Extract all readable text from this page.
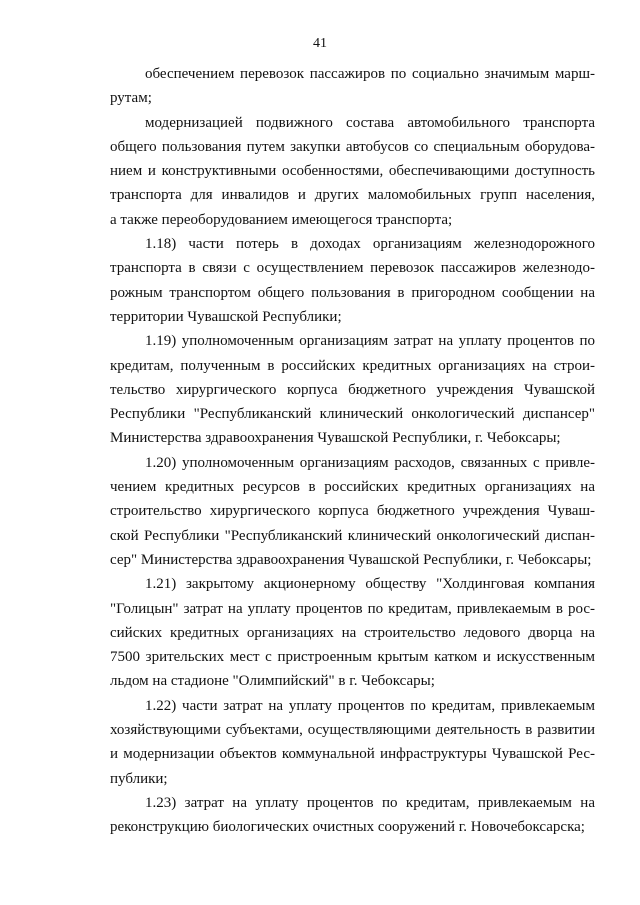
41
обеспечением перевозок пассажиров по социально значимым марш-
рутам;
модернизацией подвижного состава автомобильного транспорта
общего пользования путем закупки автобусов со специальным оборудова-
нием и конструктивными особенностями, обеспечивающими доступность
транспорта для инвалидов и других маломобильных групп населения,
а также переоборудованием имеющегося транспорта;
1.18) части потерь в доходах организациям железнодорожного
транспорта в связи с осуществлением перевозок пассажиров железнодо-
рожным транспортом общего пользования в пригородном сообщении на
территории Чувашской Республики;
1.19) уполномоченным организациям затрат на уплату процентов по
кредитам, полученным в российских кредитных организациях на строи-
тельство хирургического корпуса бюджетного учреждения Чувашской
Республики "Республиканский клинический онкологический диспансер"
Министерства здравоохранения Чувашской Республики, г. Чебоксары;
1.20) уполномоченным организациям расходов, связанных с привле-
чением кредитных ресурсов в российских кредитных организациях на
строительство хирургического корпуса бюджетного учреждения Чуваш-
ской Республики "Республиканский клинический онкологический диспан-
сер" Министерства здравоохранения Чувашской Республики, г. Чебоксары;
1.21) закрытому акционерному обществу "Холдинговая компания
"Голицын" затрат на уплату процентов по кредитам, привлекаемым в рос-
сийских кредитных организациях на строительство ледового дворца на
7500 зрительских мест с пристроенным крытым катком и искусственным
льдом на стадионе "Олимпийский" в г. Чебоксары;
1.22) части затрат на уплату процентов по кредитам, привлекаемым
хозяйствующими субъектами, осуществляющими деятельность в развитии
и модернизации объектов коммунальной инфраструктуры Чувашской Рес-
публики;
1.23) затрат на уплату процентов по кредитам, привлекаемым на
реконструкцию биологических очистных сооружений г. Новочебоксарска;
